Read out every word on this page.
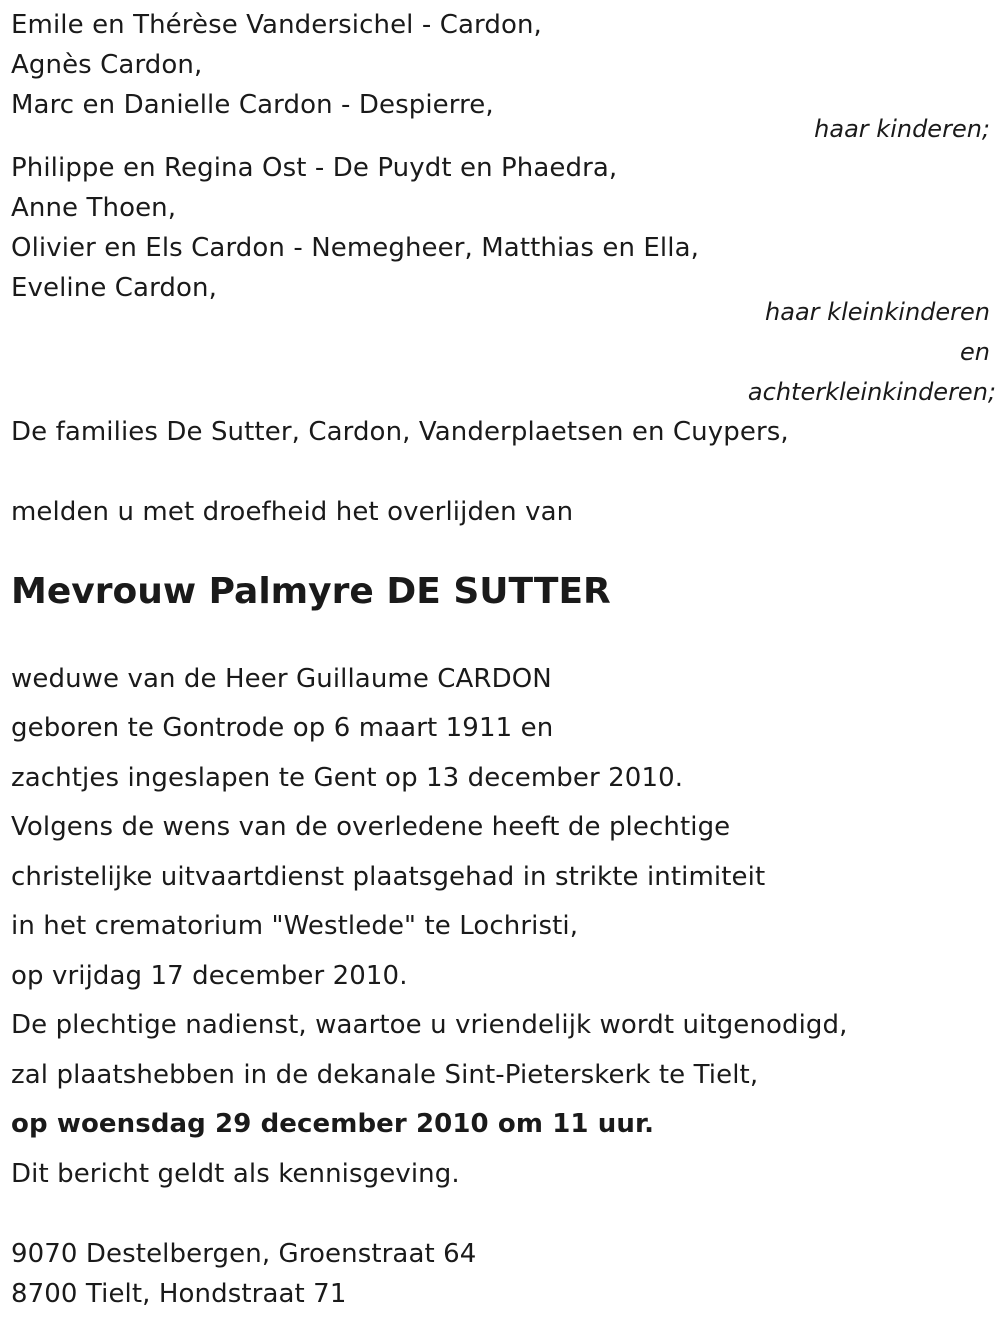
Emile en Thérèse Vandersichel - Cardon,
Agnès Cardon,
Marc en Danielle Cardon - Despierre,
haar kinderen;
Philippe en Regina Ost - De Puydt en Phaedra,
Anne Thoen,
Olivier en Els Cardon - Nemegheer, Matthias en Ella,
Eveline Cardon,
haar kleinkinderen
en
achterkleinkinderen;
De families De Sutter, Cardon, Vanderplaetsen en Cuypers,
melden u met droefheid het overlijden van
Mevrouw Palmyre DE SUTTER
weduwe van de Heer Guillaume CARDON
geboren te Gontrode op 6 maart 1911 en
zachtjes ingeslapen te Gent op 13 december 2010.
Volgens de wens van de overledene heeft de plechtige
christelijke uitvaartdienst plaatsgehad in strikte intimiteit
in het crematorium "Westlede" te Lochristi,
op vrijdag 17 december 2010.
De plechtige nadienst, waartoe u vriendelijk wordt uitgenodigd,
zal plaatshebben in de dekanale Sint-Pieterskerk te Tielt,
op woensdag 29 december 2010 om 11 uur.
Dit bericht geldt als kennisgeving.
9070 Destelbergen, Groenstraat 64
8700 Tielt, Hondstraat 71
